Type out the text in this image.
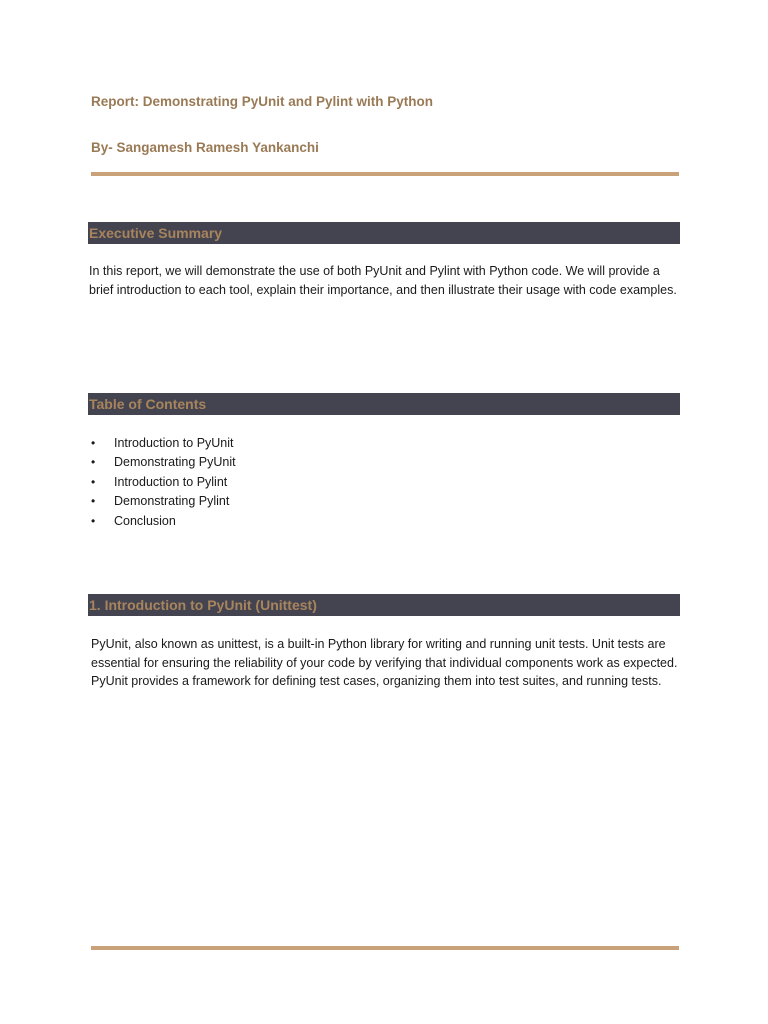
Report: Demonstrating PyUnit and Pylint with Python
By- Sangamesh Ramesh Yankanchi
Executive Summary
In this report, we will demonstrate the use of both PyUnit and Pylint with Python code. We will provide a brief introduction to each tool, explain their importance, and then illustrate their usage with code examples.
Table of Contents
• Introduction to PyUnit
• Demonstrating PyUnit
• Introduction to Pylint
• Demonstrating Pylint
• Conclusion
1. Introduction to PyUnit (Unittest)
PyUnit, also known as unittest, is a built-in Python library for writing and running unit tests. Unit tests are essential for ensuring the reliability of your code by verifying that individual components work as expected. PyUnit provides a framework for defining test cases, organizing them into test suites, and running tests.
